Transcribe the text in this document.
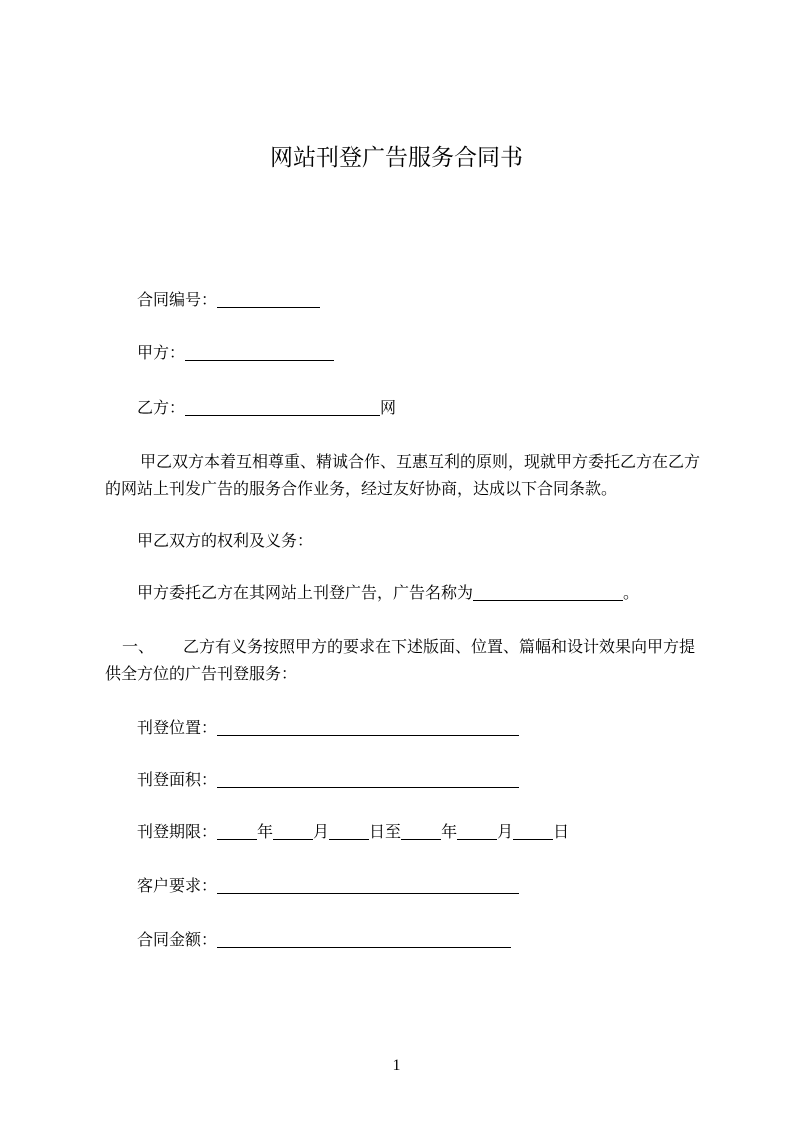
网站刊登广告服务合同书
合同编号：
甲方：
乙方：	网
甲乙双方本着互相尊重、精诚合作、互惠互利的原则，现就甲方委托乙方在乙方
的网站上刊发广告的服务合作业务，经过友好协商，达成以下合同条款。
甲乙双方的权利及义务：
甲方委托乙方在其网站上刊登广告，广告名称为	。
一、 乙方有义务按照甲方的要求在下述版面、位置、篇幅和设计效果向甲方提
供全方位的广告刊登服务：
刊登位置：
刊登面积：
刊登期限：	年	月	日至	年	月	日
客户要求：
合同金额：
1
